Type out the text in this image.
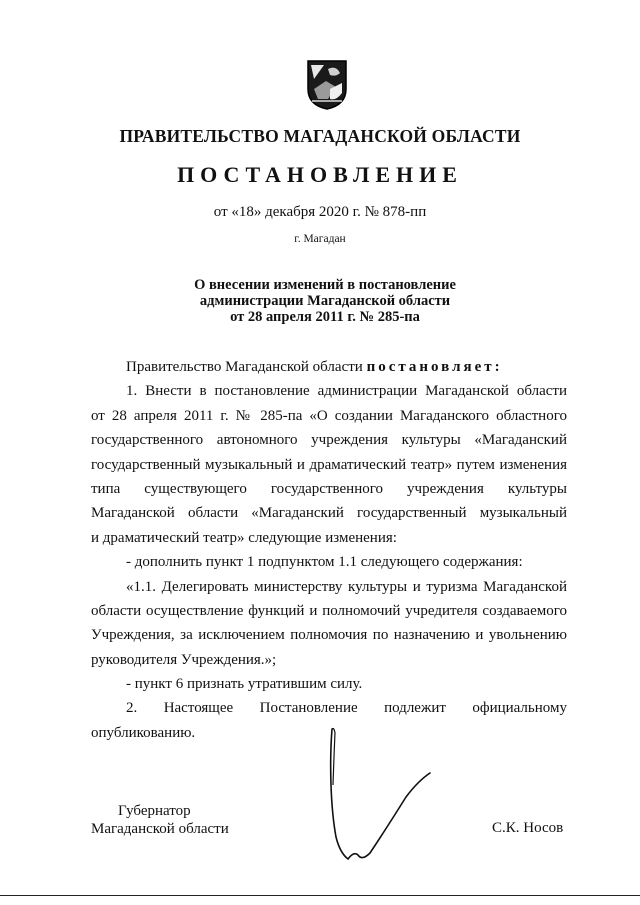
ПРАВИТЕЛЬСТВО МАГАДАНСКОЙ ОБЛАСТИ
ПОСТАНОВЛЕНИЕ
от «18» декабря 2020 г. № 878-пп
г. Магадан
О внесении изменений в постановление
администрации Магаданской области
от 28 апреля 2011 г. № 285-па
Правительство Магаданской области постановляет:
1. Внести в постановление администрации Магаданской области
от 28 апреля 2011 г. № 285-па «О создании Магаданского областного
государственного автономного учреждения культуры «Магаданский
государственный музыкальный и драматический театр» путем изменения
типа существующего государственного учреждения культуры
Магаданской области «Магаданский государственный музыкальный
и драматический театр» следующие изменения:
- дополнить пункт 1 подпунктом 1.1 следующего содержания:
«1.1. Делегировать министерству культуры и туризма Магаданской
области осуществление функций и полномочий учредителя создаваемого
Учреждения, за исключением полномочия по назначению и увольнению
руководителя Учреждения.»;
- пункт 6 признать утратившим силу.
2. Настоящее Постановление подлежит официальному
опубликованию.
Губернатор
Магаданской области	С.К. Носов
